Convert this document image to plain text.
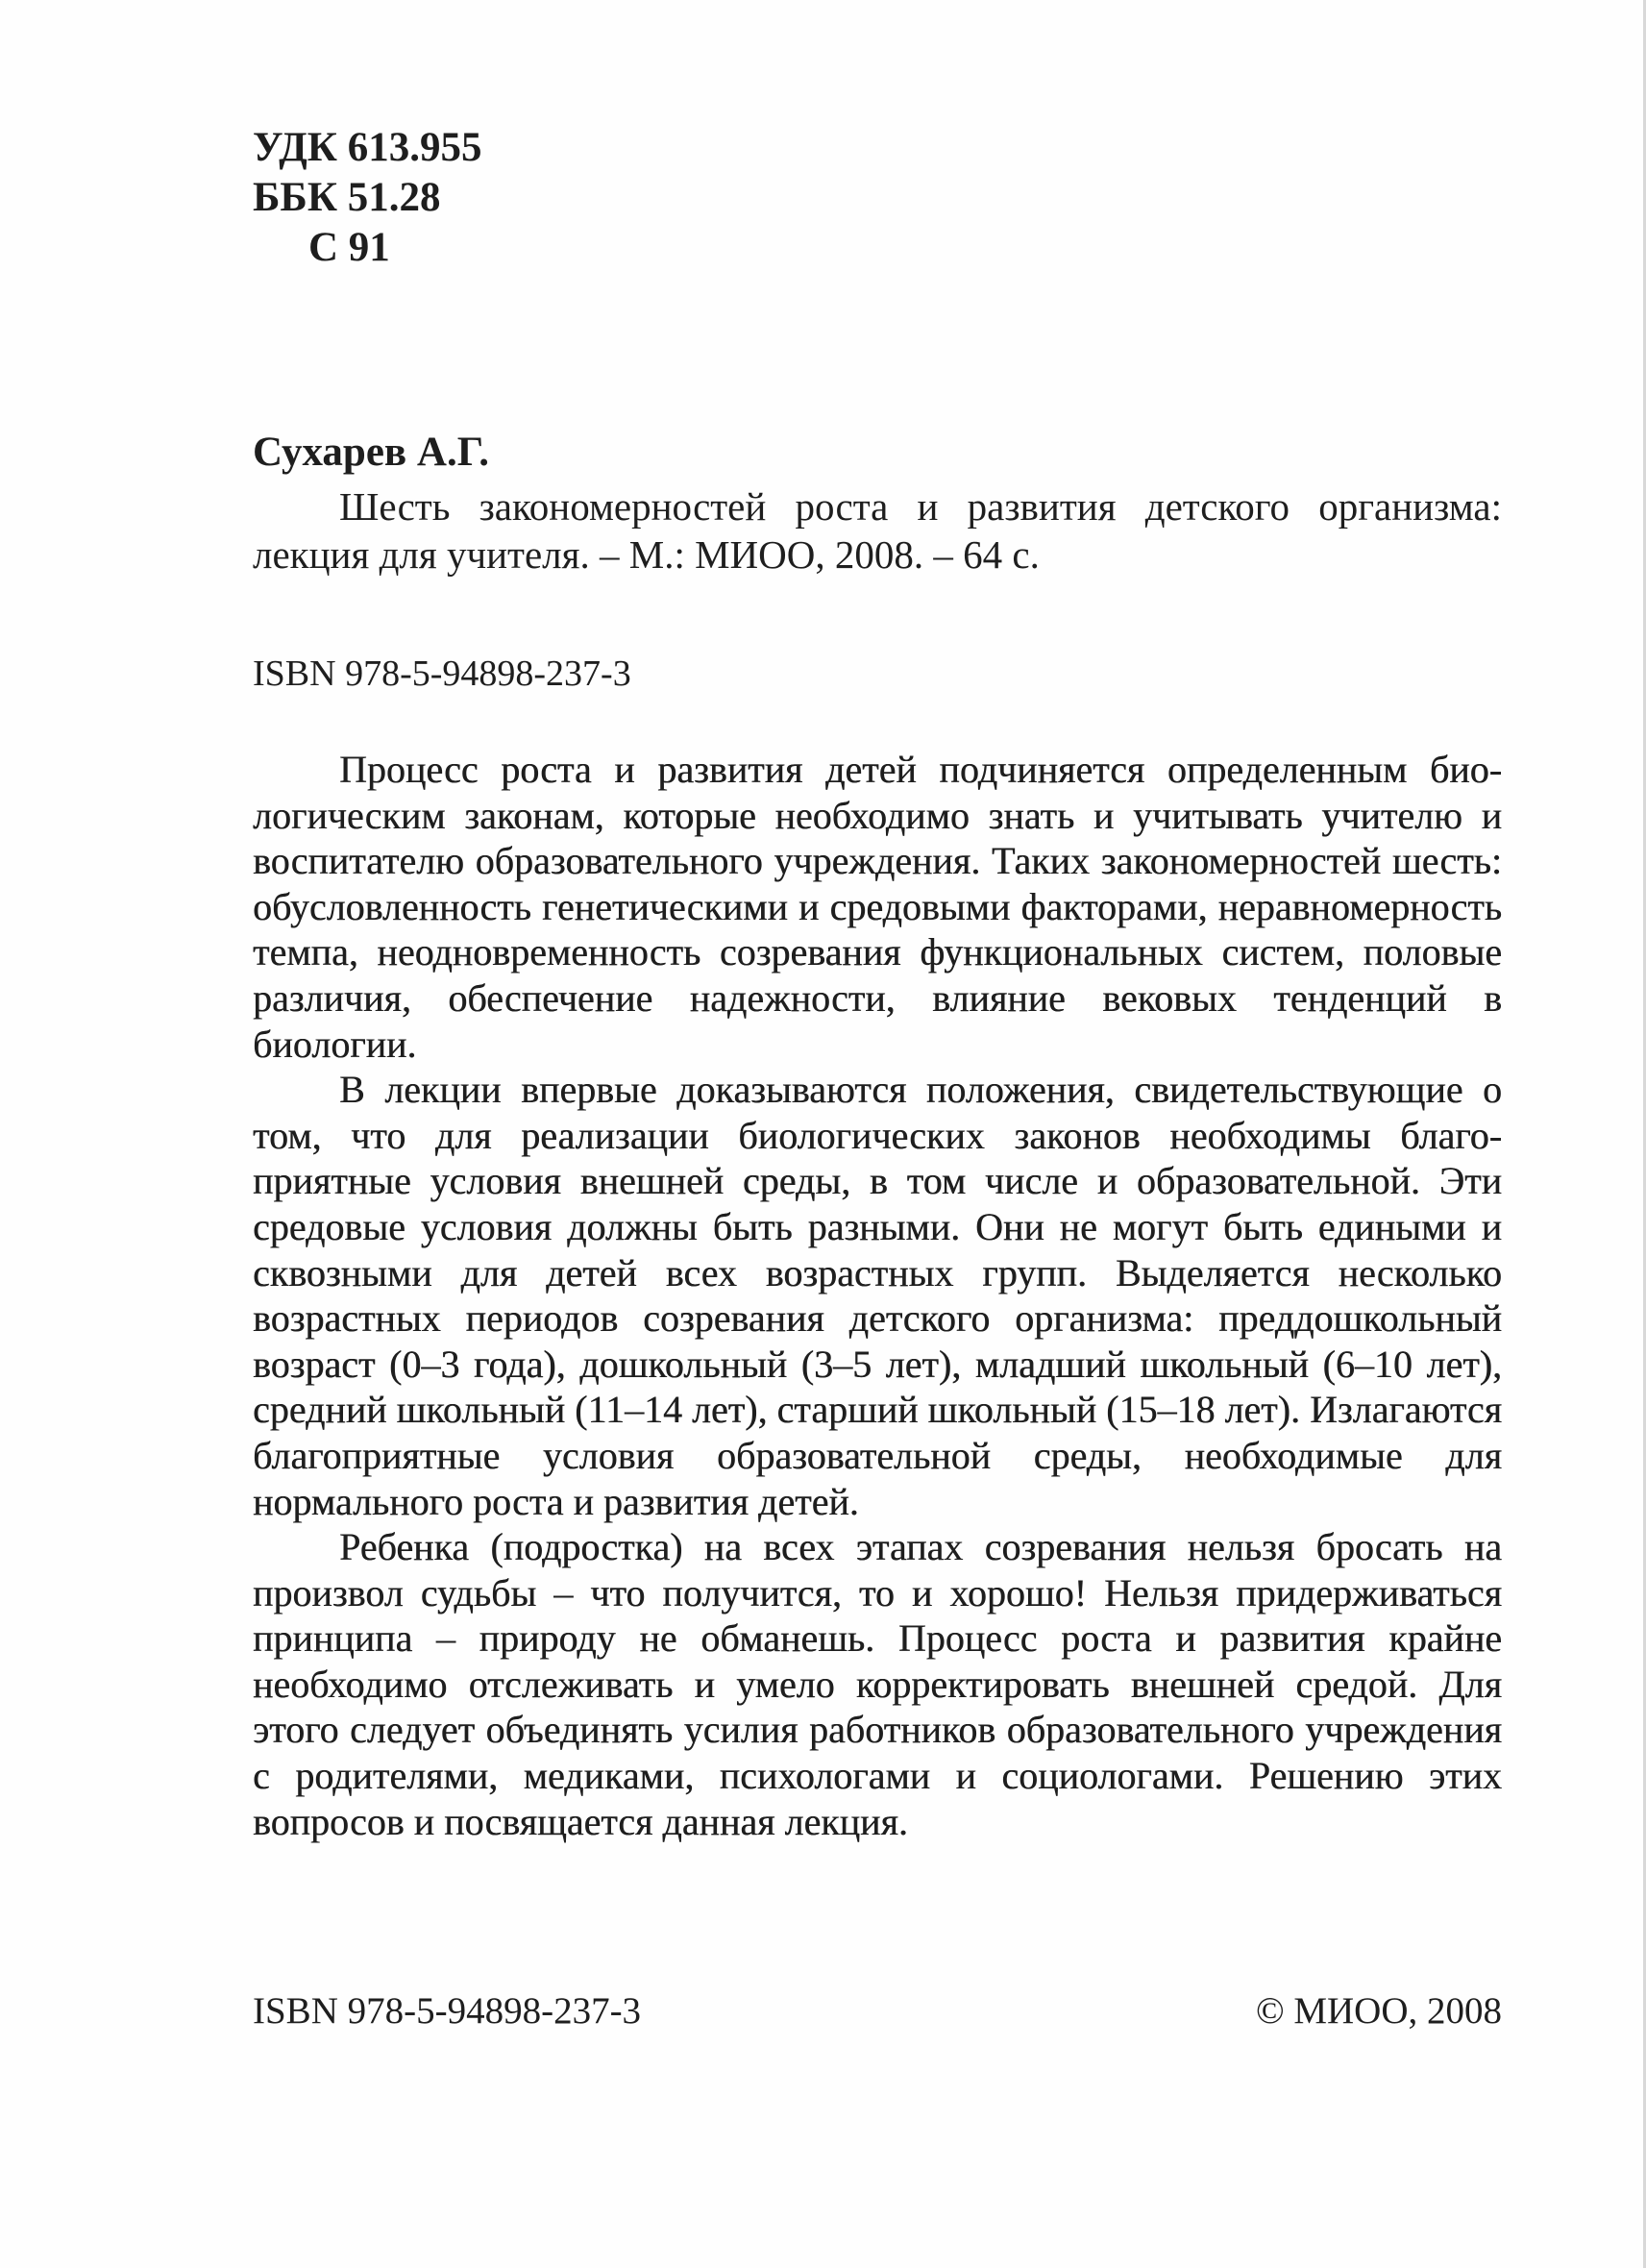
УДК 613.955
ББК 51.28
С 91
Сухарев А.Г.

Шесть закономерностей роста и развития детского организма: лекция для учителя. – М.: МИОО, 2008. – 64 с.

ISBN 978-5-94898-237-3

Процесс роста и развития детей подчиняется определенным биологическим законам, которые необходимо знать и учитывать учителю и воспитателю образовательного учреждения. Таких закономерностей шесть: обусловленность генетическими и средовыми факторами, неравномерность темпа, неодновременность созревания функциональных систем, половые различия, обеспечение надежности, влияние вековых тенденций в биологии.

В лекции впервые доказываются положения, свидетельствующие о том, что для реализации биологических законов необходимы благоприятные условия внешней среды, в том числе и образовательной. Эти средовые условия должны быть разными. Они не могут быть едиными и сквозными для детей всех возрастных групп. Выделяется несколько возрастных периодов созревания детского организма: преддошкольный возраст (0–3 года), дошкольный (3–5 лет), младший школьный (6–10 лет), средний школьный (11–14 лет), старший школьный (15–18 лет). Излагаются благоприятные условия образовательной среды, необходимые для нормального роста и развития детей.

Ребенка (подростка) на всех этапах созревания нельзя бросать на произвол судьбы – что получится, то и хорошо! Нельзя придерживаться принципа – природу не обманешь. Процесс роста и развития крайне необходимо отслеживать и умело корректировать внешней средой. Для этого следует объединять усилия работников образовательного учреждения с родителями, медиками, психологами и социологами. Решению этих вопросов и посвящается данная лекция.

ISBN 978-5-94898-237-3	© МИОО, 2008
